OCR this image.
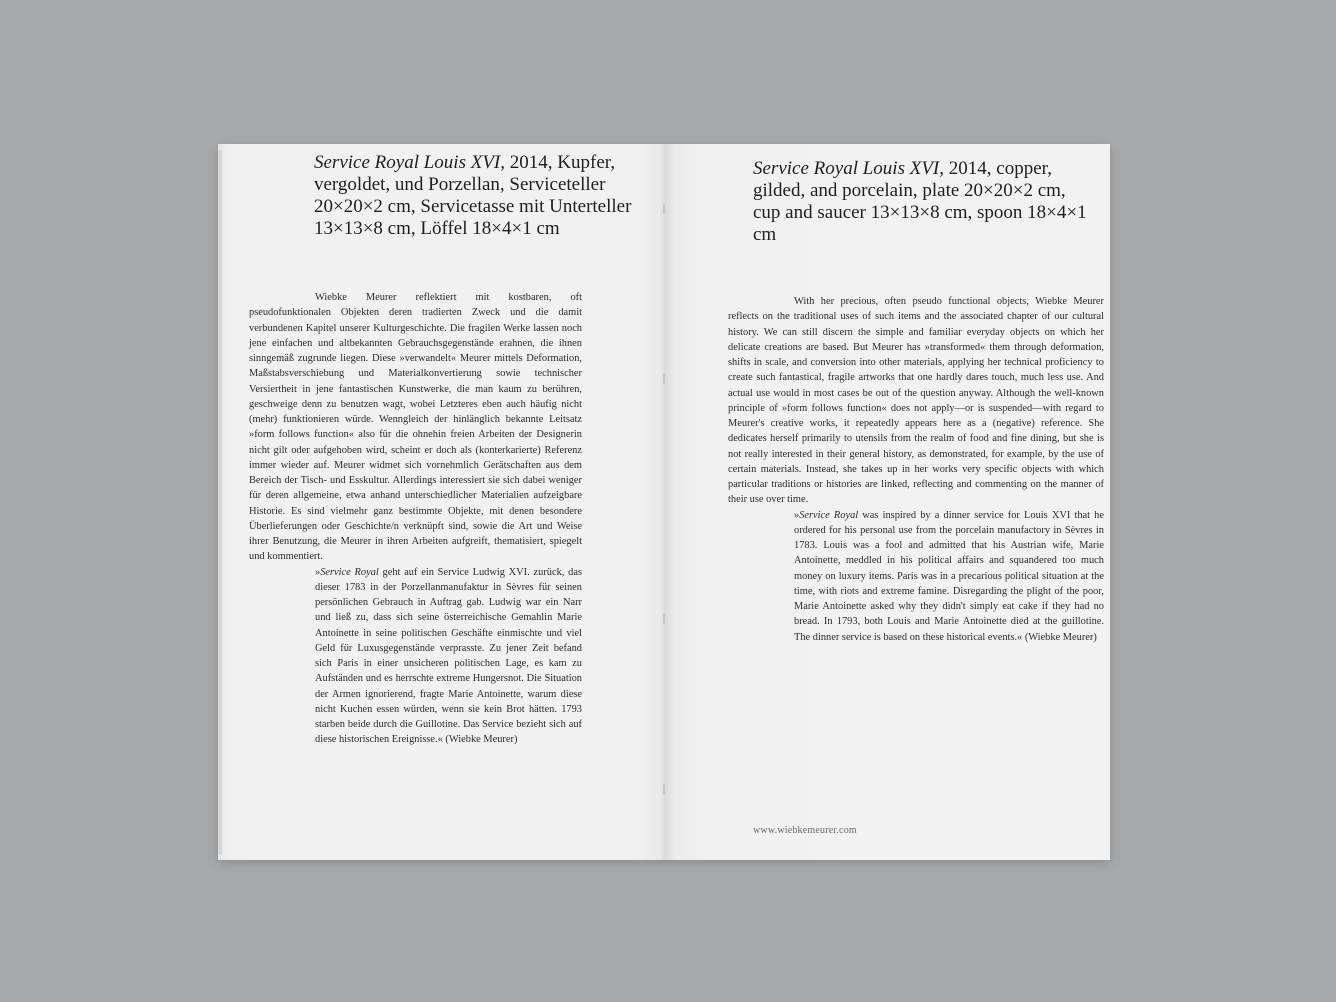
Service Royal Louis XVI, 2014, Kupfer, vergoldet, und Porzellan, Serviceteller 20×20×2 cm, Servicetasse mit Unterteller 13×13×8 cm, Löffel 18×4×1 cm

Wiebke Meurer reflektiert mit kostbaren, oft pseudofunktionalen Objekten deren tradierten Zweck und die damit verbundenen Kapitel unserer Kulturgeschichte. Die fragilen Werke lassen noch jene einfachen und altbekannten Gebrauchsgegenstände erahnen, die ihnen sinngemäß zugrunde liegen. Diese »verwandelt« Meurer mittels Deformation, Maßstabsverschiebung und Materialkonvertierung sowie technischer Versiertheit in jene fantastischen Kunstwerke, die man kaum zu berühren, geschweige denn zu benutzen wagt, wobei Letzteres eben auch häufig nicht (mehr) funktionieren würde. Wenngleich der hinlänglich bekannte Leitsatz »form follows function« also für die ohnehin freien Arbeiten der Designerin nicht gilt oder aufgehoben wird, scheint er doch als (konterkarierte) Referenz immer wieder auf. Meurer widmet sich vornehmlich Gerätschaften aus dem Bereich der Tisch- und Esskultur. Allerdings interessiert sie sich dabei weniger für deren allgemeine, etwa anhand unterschiedlicher Materialien aufzeigbare Historie. Es sind vielmehr ganz bestimmte Objekte, mit denen besondere Überlieferungen oder Geschichte/n verknüpft sind, sowie die Art und Weise ihrer Benutzung, die Meurer in ihren Arbeiten aufgreift, thematisiert, spiegelt und kommentiert.

»Service Royal geht auf ein Service Ludwig XVI. zurück, das dieser 1783 in der Porzellanmanufaktur in Sèvres für seinen persönlichen Gebrauch in Auftrag gab. Ludwig war ein Narr und ließ zu, dass sich seine österreichische Gemahlin Marie Antoinette in seine politischen Geschäfte einmischte und viel Geld für Luxusgegenstände verprasste. Zu jener Zeit befand sich Paris in einer unsicheren politischen Lage, es kam zu Aufständen und es herrschte extreme Hungersnot. Die Situation der Armen ignorierend, fragte Marie Antoinette, warum diese nicht Kuchen essen würden, wenn sie kein Brot hätten. 1793 starben beide durch die Guillotine. Das Service bezieht sich auf diese historischen Ereignisse.« (Wiebke Meurer)

Service Royal Louis XVI, 2014, copper, gilded, and porcelain, plate 20×20×2 cm, cup and saucer 13×13×8 cm, spoon 18×4×1 cm

With her precious, often pseudo functional objects, Wiebke Meurer reflects on the traditional uses of such items and the associated chapter of our cultural history. We can still discern the simple and familiar everyday objects on which her delicate creations are based. But Meurer has »transformed« them through deformation, shifts in scale, and conversion into other materials, applying her technical proficiency to create such fantastical, fragile artworks that one hardly dares touch, much less use. And actual use would in most cases be out of the question anyway. Although the well-known principle of »form follows function« does not apply—or is suspended—with regard to Meurer's creative works, it repeatedly appears here as a (negative) reference. She dedicates herself primarily to utensils from the realm of food and fine dining, but she is not really interested in their general history, as demonstrated, for example, by the use of certain materials. Instead, she takes up in her works very specific objects with which particular traditions or histories are linked, reflecting and commenting on the manner of their use over time.

»Service Royal was inspired by a dinner service for Louis XVI that he ordered for his personal use from the porcelain manufactory in Sèvres in 1783. Louis was a fool and admitted that his Austrian wife, Marie Antoinette, meddled in his political affairs and squandered too much money on luxury items. Paris was in a precarious political situation at the time, with riots and extreme famine. Disregarding the plight of the poor, Marie Antoinette asked why they didn't simply eat cake if they had no bread. In 1793, both Louis and Marie Antoinette died at the guillotine. The dinner service is based on these historical events.« (Wiebke Meurer)

www.wiebkemeurer.com
